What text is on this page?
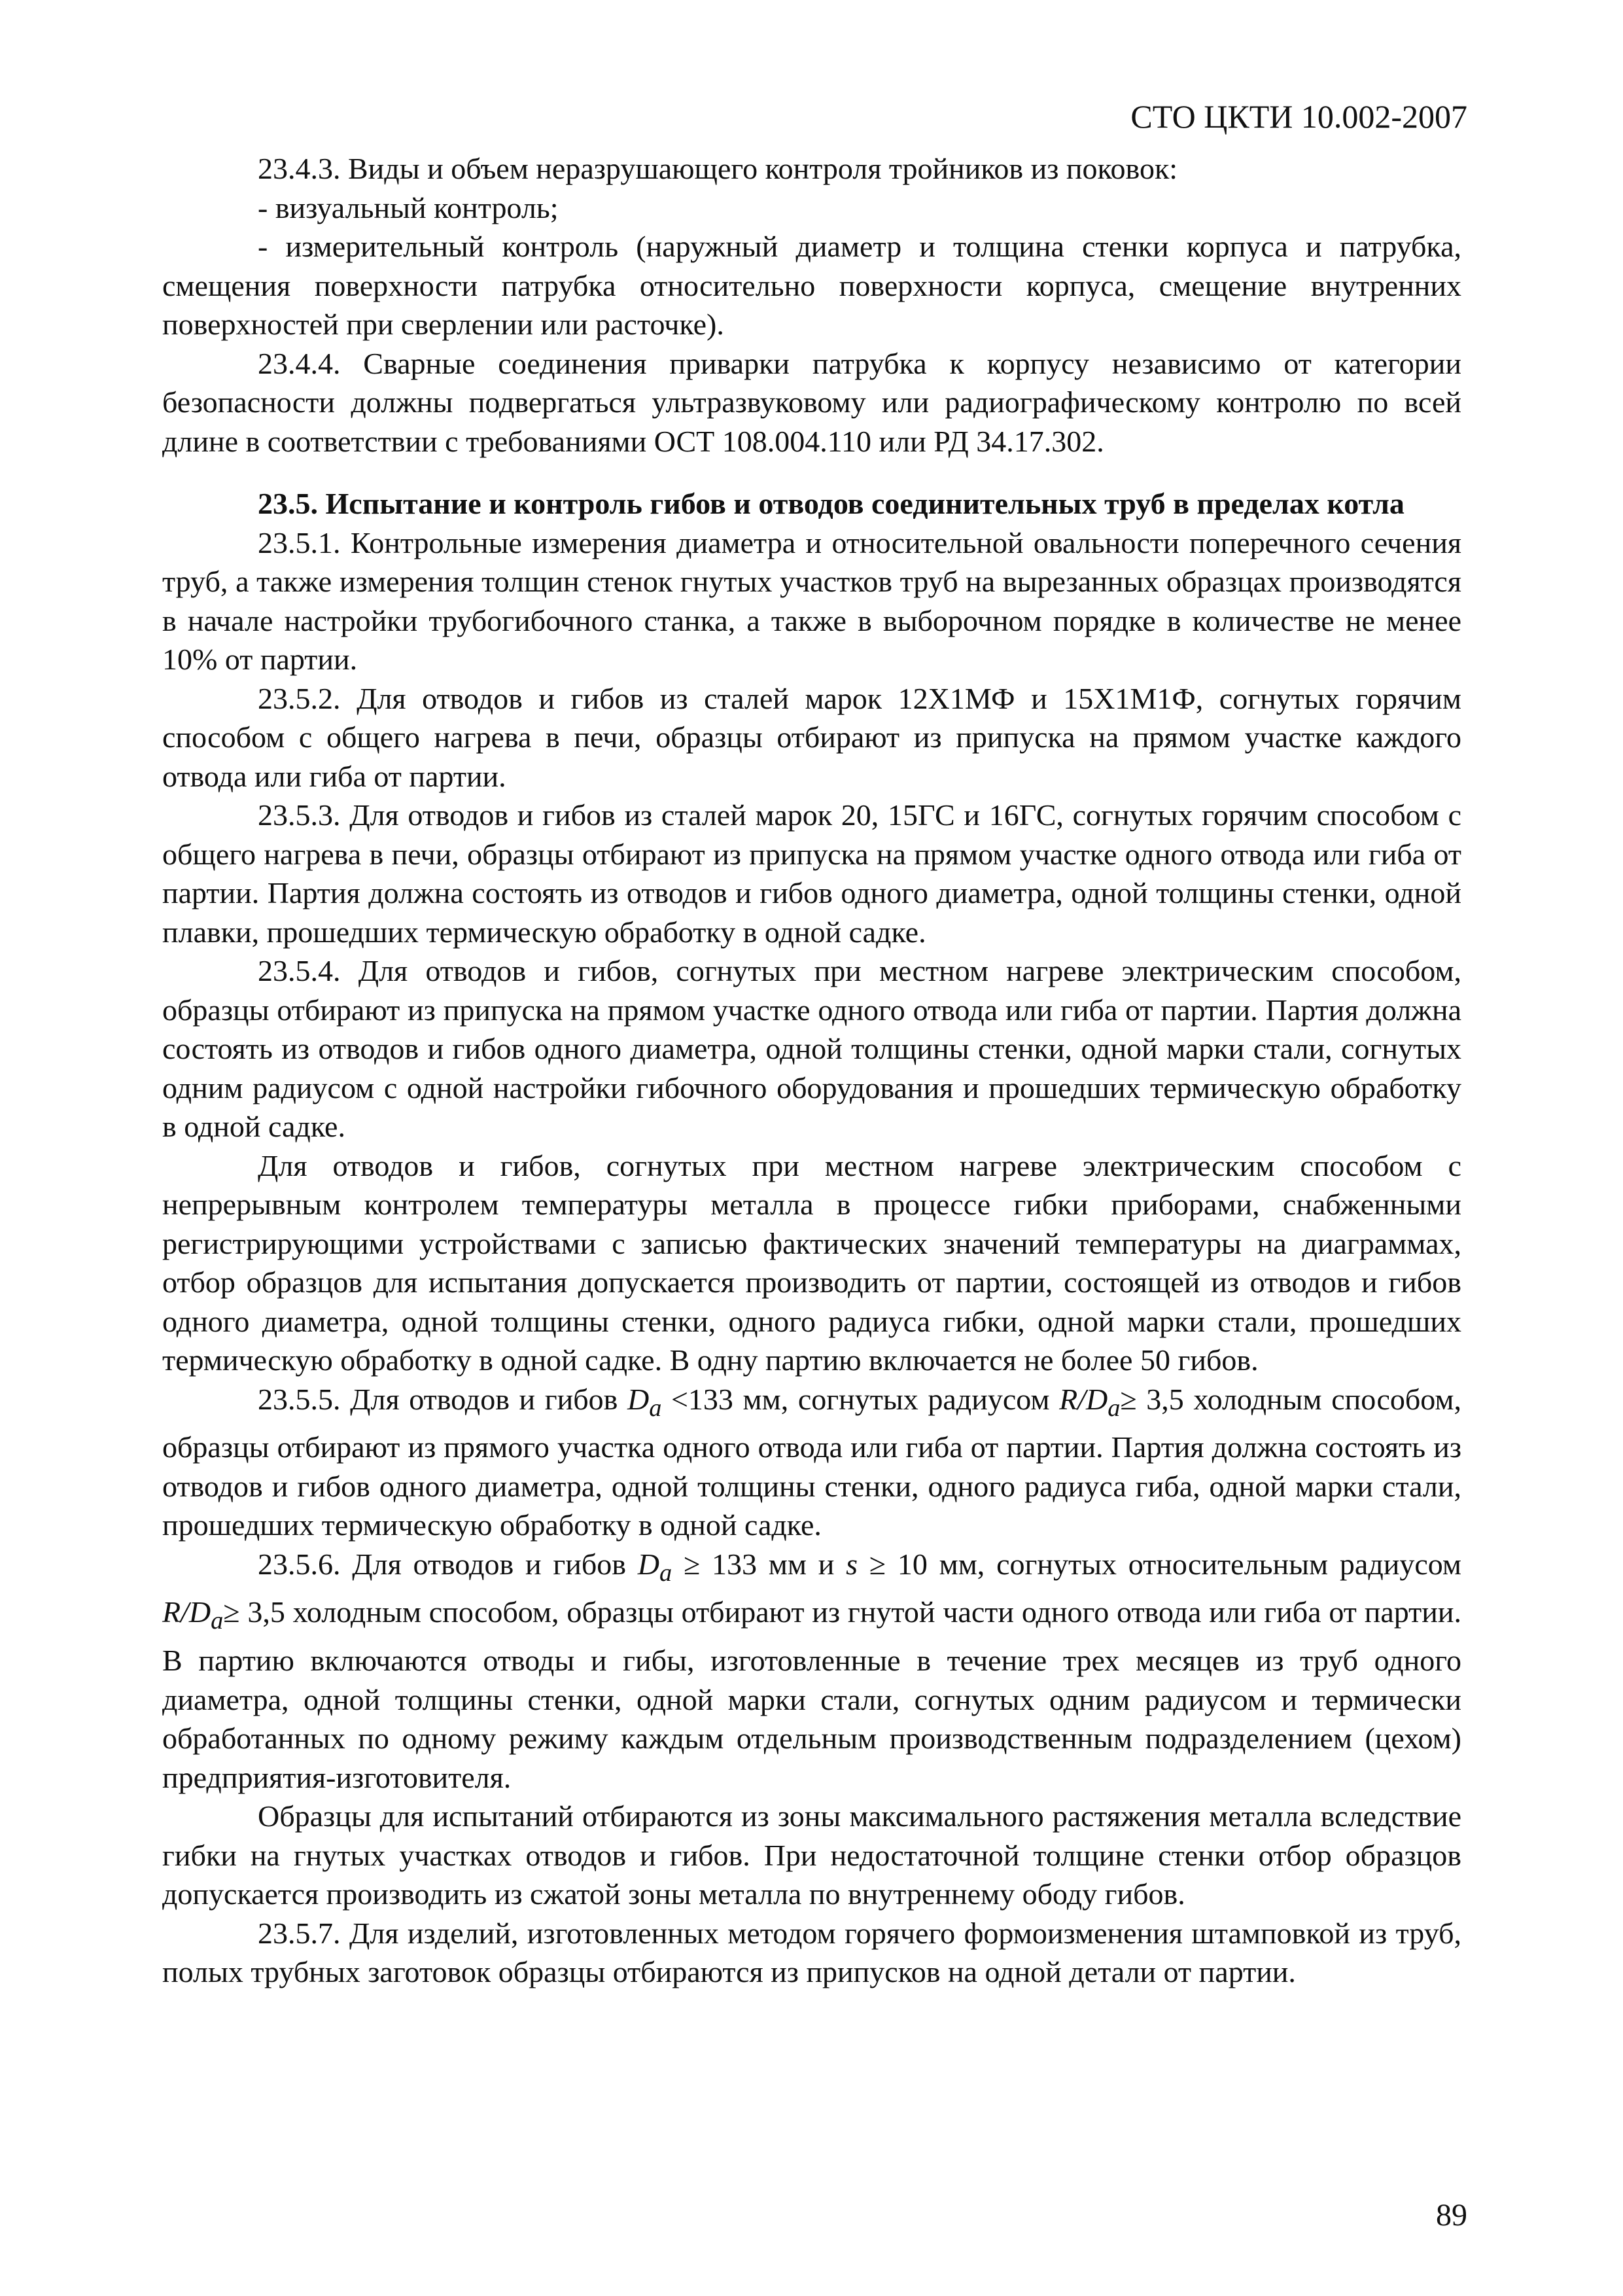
СТО ЦКТИ 10.002-2007

23.4.3. Виды и объем неразрушающего контроля тройников из поковок:

- визуальный контроль;

- измерительный контроль (наружный диаметр и толщина стенки корпуса и патрубка, смещения поверхности патрубка относительно поверхности корпуса, смещение внутренних поверхностей при сверлении или расточке).

23.4.4. Сварные соединения приварки патрубка к корпусу независимо от категории безопасности должны подвергаться ультразвуковому или радиографическому контролю по всей длине в соответствии с требованиями ОСТ 108.004.110 или РД 34.17.302.

23.5. Испытание и контроль гибов и отводов соединительных труб в пределах котла

23.5.1. Контрольные измерения диаметра и относительной овальности поперечного сечения труб, а также измерения толщин стенок гнутых участков труб на вырезанных образцах производятся в начале настройки трубогибочного станка, а также в выборочном порядке в количестве не менее 10% от партии.

23.5.2. Для отводов и гибов из сталей марок 12Х1МФ и 15Х1М1Ф, согнутых горячим способом с общего нагрева в печи, образцы отбирают из припуска на прямом участке каждого отвода или гиба от партии.

23.5.3. Для отводов и гибов из сталей марок 20, 15ГС и 16ГС, согнутых горячим способом с общего нагрева в печи, образцы отбирают из припуска на прямом участке одного отвода или гиба от партии. Партия должна состоять из отводов и гибов одного диаметра, одной толщины стенки, одной плавки, прошедших термическую обработку в одной садке.

23.5.4. Для отводов и гибов, согнутых при местном нагреве электрическим способом, образцы отбирают из припуска на прямом участке одного отвода или гиба от партии. Партия должна состоять из отводов и гибов одного диаметра, одной толщины стенки, одной марки стали, согнутых одним радиусом с одной настройки гибочного оборудования и прошедших термическую обработку в одной садке.

Для отводов и гибов, согнутых при местном нагреве электрическим способом с непрерывным контролем температуры металла в процессе гибки приборами, снабженными регистрирующими устройствами с записью фактических значений температуры на диаграммах, отбор образцов для испытания допускается производить от партии, состоящей из отводов и гибов одного диаметра, одной толщины стенки, одного радиуса гибки, одной марки стали, прошедших термическую обработку в одной садке. В одну партию включается не более 50 гибов.

23.5.5. Для отводов и гибов $D_a <133$ мм, согнутых радиусом $R/D_a\ge 3,5$ холодным способом, образцы отбирают из прямого участка одного отвода или гиба от партии. Партия должна состоять из отводов и гибов одного диаметра, одной толщины стенки, одного радиуса гиба, одной марки стали, прошедших термическую обработку в одной садке.

23.5.6. Для отводов и гибов $D_a \ge 133$ мм и s ≥ 10 мм, согнутых относительным радиусом $R/D_a\ge 3,5$ холодным способом, образцы отбирают из гнутой части одного отвода или гиба от партии. В партию включаются отводы и гибы, изготовленные в течение трех месяцев из труб одного диаметра, одной толщины стенки, одной марки стали, согнутых одним радиусом и термически обработанных по одному режиму каждым отдельным производственным подразделением (цехом) предприятия-изготовителя.

Образцы для испытаний отбираются из зоны максимального растяжения металла вследствие гибки на гнутых участках отводов и гибов. При недостаточной толщине стенки отбор образцов допускается производить из сжатой зоны металла по внутреннему ободу гибов.

23.5.7. Для изделий, изготовленных методом горячего формоизменения штамповкой из труб, полых трубных заготовок образцы отбираются из припусков на одной детали от партии.

89
